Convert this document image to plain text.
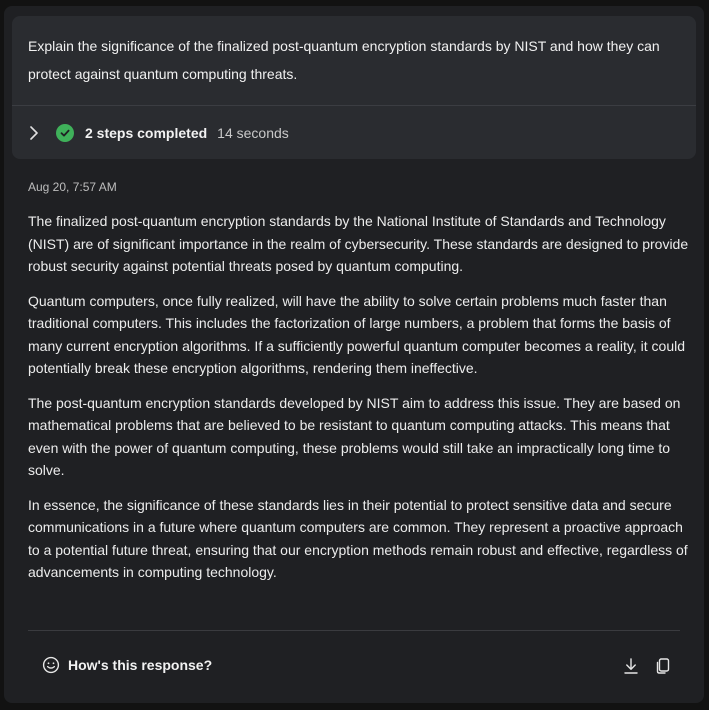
Explain the significance of the finalized post-quantum encryption standards by NIST and how they can protect against quantum computing threats.
2 steps completed 14 seconds
Aug 20, 7:57 AM

The finalized post-quantum encryption standards by the National Institute of Standards and Technology (NIST) are of significant importance in the realm of cybersecurity. These standards are designed to provide robust security against potential threats posed by quantum computing.

Quantum computers, once fully realized, will have the ability to solve certain problems much faster than traditional computers. This includes the factorization of large numbers, a problem that forms the basis of many current encryption algorithms. If a sufficiently powerful quantum computer becomes a reality, it could potentially break these encryption algorithms, rendering them ineffective.

The post-quantum encryption standards developed by NIST aim to address this issue. They are based on mathematical problems that are believed to be resistant to quantum computing attacks. This means that even with the power of quantum computing, these problems would still take an impractically long time to solve.

In essence, the significance of these standards lies in their potential to protect sensitive data and secure communications in a future where quantum computers are common. They represent a proactive approach to a potential future threat, ensuring that our encryption methods remain robust and effective, regardless of advancements in computing technology.

How's this response?
